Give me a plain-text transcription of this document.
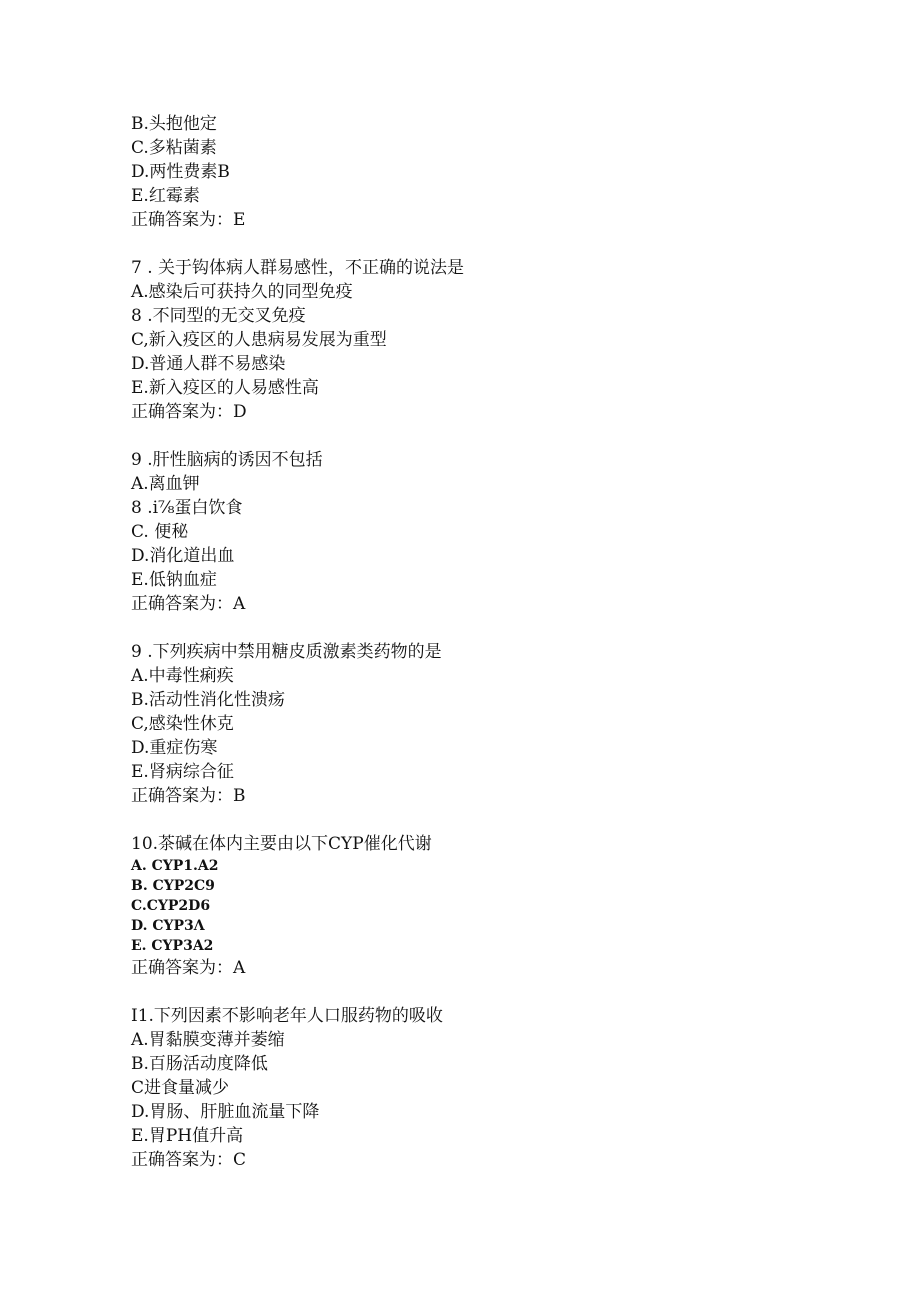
B.头抱他定
C.多粘菌素
D.两性费素B
E.红霉素
正确答案为：E
7 . 关于钩体病人群易感性，不正确的说法是
A.感染后可获持久的同型免疫
8 .不同型的无交叉免疫
C,新入疫区的人患病易发展为重型
D.普通人群不易感染
E.新入疫区的人易感性高
正确答案为：D
9 .肝性脑病的诱因不包括
A.离血钾
8 .i⅞蛋白饮食
C. 便秘
D.消化道出血
E.低钠血症
正确答案为：A
9 .下列疾病中禁用糖皮质激素类药物的是
A.中毒性痢疾
B.活动性消化性溃疡
C,感染性休克
D.重症伤寒
E.肾病综合征
正确答案为：B
10.茶碱在体内主要由以下CYP催化代谢
A. CYP1.A2
B. CYP2C9
C.CYP2D6
D. CYP3Λ
E. CYP3A2
正确答案为：A
I1.下列因素不影响老年人口服药物的吸收
A.胃黏膜变薄并萎缩
B.百肠活动度降低
C进食量减少
D.胃肠、肝脏血流量下降
E.胃PH值升高
正确答案为：C
